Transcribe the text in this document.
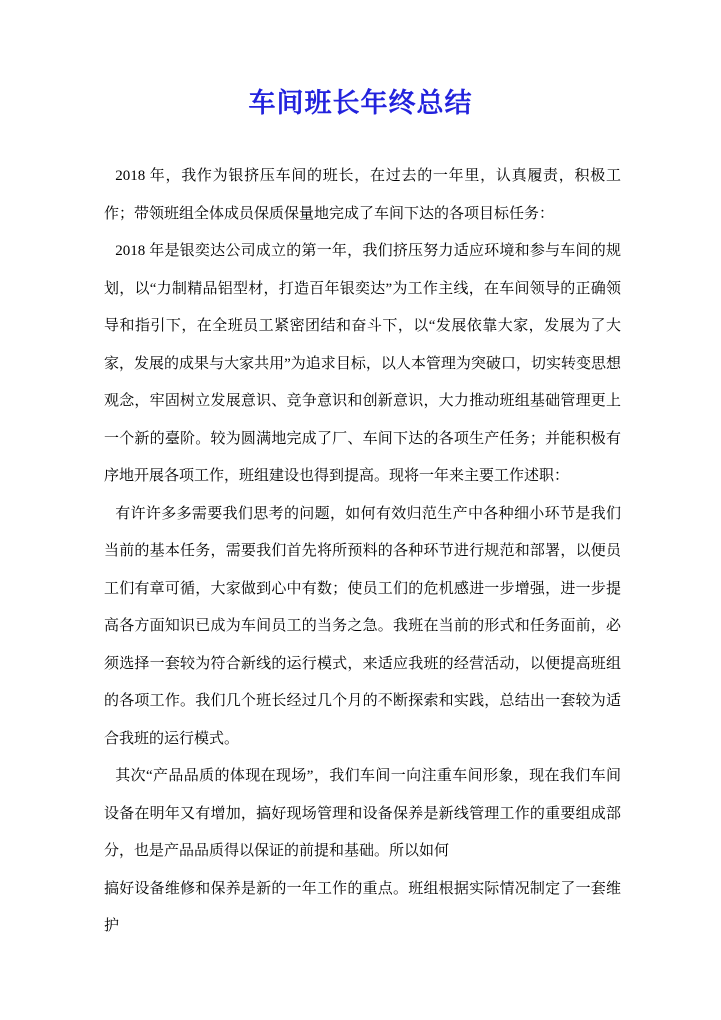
车间班长年终总结

2018 年，我作为银挤压车间的班长，在过去的一年里，认真履责，积极工作；带领班组全体成员保质保量地完成了车间下达的各项目标任务：

2018 年是银奕达公司成立的第一年，我们挤压努力适应环境和参与车间的规划，以“力制精品铝型材，打造百年银奕达”为工作主线，在车间领导的正确领导和指引下，在全班员工紧密团结和奋斗下，以“发展依靠大家，发展为了大家，发展的成果与大家共用”为追求目标，以人本管理为突破口，切实转变思想观念，牢固树立发展意识、竞争意识和创新意识，大力推动班组基础管理更上一个新的臺阶。较为圆满地完成了厂、车间下达的各项生产任务；并能积极有序地开展各项工作，班组建设也得到提高。现将一年来主要工作述职：

有许许多多需要我们思考的问题，如何有效归范生产中各种细小环节是我们当前的基本任务，需要我们首先将所预料的各种环节进行规范和部署，以便员工们有章可循，大家做到心中有数；使员工们的危机感进一步增强，进一步提高各方面知识已成为车间员工的当务之急。我班在当前的形式和任务面前，必须选择一套较为符合新线的运行模式，来适应我班的经营活动，以便提高班组的各项工作。我们几个班长经过几个月的不断探索和实践，总结出一套较为适合我班的运行模式。

其次“产品品质的体现在现场”，我们车间一向注重车间形象，现在我们车间设备在明年又有增加，搞好现场管理和设备保养是新线管理工作的重要组成部分，也是产品品质得以保证的前提和基础。所以如何

搞好设备维修和保养是新的一年工作的重点。班组根据实际情况制定了一套维护
